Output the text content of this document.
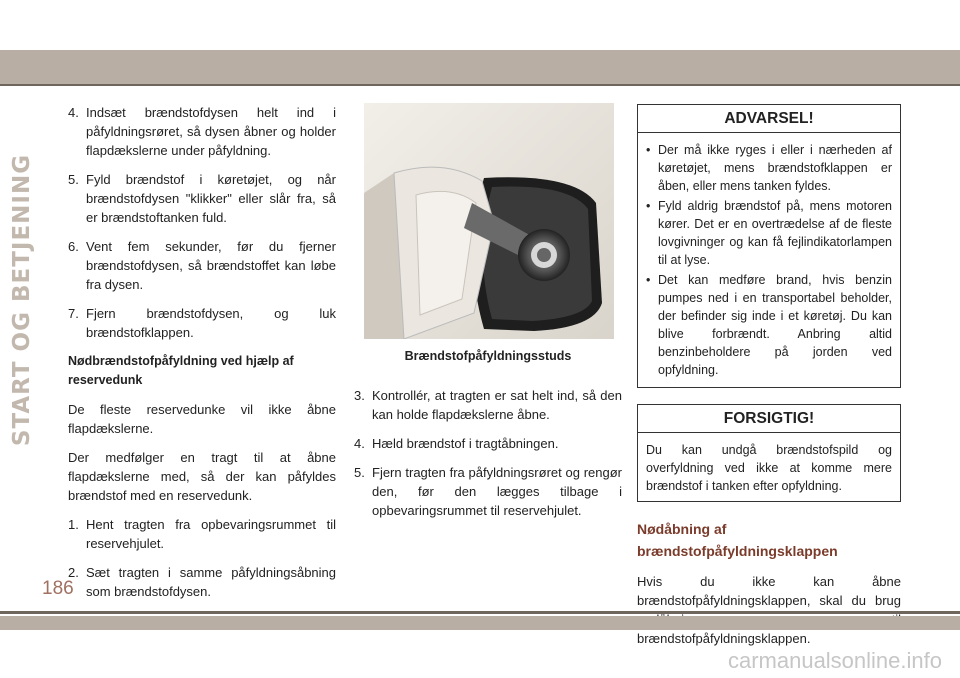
START OG BETJENING
4. Indsæt brændstofdysen helt ind i påfyldningsrøret, så dysen åbner og holder flapdækslerne under påfyldning.
5. Fyld brændstof i køretøjet, og når brændstofdysen "klikker" eller slår fra, så er brændstoftanken fuld.
6. Vent fem sekunder, før du fjerner brændstofdysen, så brændstoffet kan løbe fra dysen.
7. Fjern brændstofdysen, og luk brændstofklappen.
Nødbrændstofpåfyldning ved hjælp af reservedunk

De fleste reservedunke vil ikke åbne flapdækslerne.

Der medfølger en tragt til at åbne flapdækslerne med, så der kan påfyldes brændstof med en reservedunk.

1. Hent tragten fra opbevaringsrummet til reservehjulet.
2. Sæt tragten i samme påfyldningsåbning som brændstofdysen.
Brændstofpåfyldningsstuds
3. Kontrollér, at tragten er sat helt ind, så den kan holde flapdækslerne åbne.
4. Hæld brændstof i tragtåbningen.
5. Fjern tragten fra påfyldningsrøret og rengør den, før den lægges tilbage i opbevaringsrummet til reservehjulet.
ADVARSEL!
• Der må ikke ryges i eller i nærheden af køretøjet, mens brændstofklappen er åben, eller mens tanken fyldes.
• Fyld aldrig brændstof på, mens motoren kører. Det er en overtrædelse af de fleste lovgivninger og kan få fejlindikatorlampen til at lyse.
• Det kan medføre brand, hvis benzin pumpes ned i en transportabel beholder, der befinder sig inde i et køretøj. Du kan blive forbrændt. Anbring altid benzinbeholdere på jorden ved opfyldning.
FORSIGTIG!
Du kan undgå brændstofspild og overfyldning ved ikke at komme mere brændstof i tanken efter opfyldning.
Nødåbning af
brændstofpåfyldningsklappen

Hvis du ikke kan åbne brændstofpåfyldningsklappen, skal du brug brændstofpåfyldningsklappen.

186
carmanualsonline.info
